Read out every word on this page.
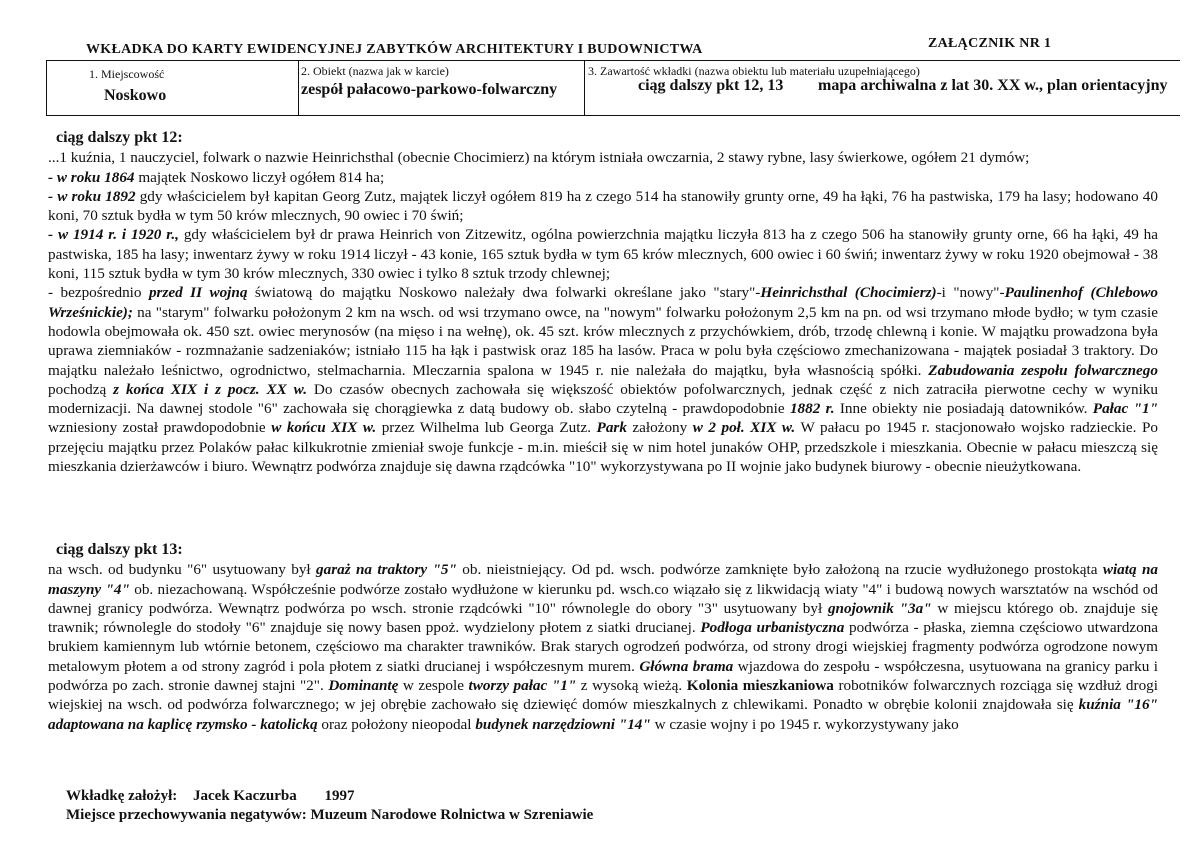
WKŁADKA DO KARTY EWIDENCYJNEJ ZABYTKÓW ARCHITEKTURY I BUDOWNICTWA	ZAŁĄCZNIK NR 1
1. Miejscowość
Noskowo
2. Obiekt (nazwa jak w karcie)
zespół pałacowo-parkowo-folwarczny
3. Zawartość wkładki (nazwa obiektu lub materiału uzupełniającego)
ciąg dalszy pkt 12, 13 mapa archiwalna z lat 30. XX w., plan orientacyjny
ciąg dalszy pkt 12:

...1 kuźnia, 1 nauczyciel, folwark o nazwie Heinrichsthal (obecnie Chocimierz) na którym istniała owczarnia, 2 stawy rybne, lasy świerkowe, ogółem 21 dymów;

- w roku 1864 majątek Noskowo liczył ogółem 814 ha;

- w roku 1892 gdy właścicielem był kapitan Georg Zutz, majątek liczył ogółem 819 ha z czego 514 ha stanowiły grunty orne, 49 ha łąki, 76 ha pastwiska, 179 ha lasy; hodowano 40 koni, 70 sztuk bydła w tym 50 krów mlecznych, 90 owiec i 70 świń;

- w 1914 r. i 1920 r., gdy właścicielem był dr prawa Heinrich von Zitzewitz, ogólna powierzchnia majątku liczyła 813 ha z czego 506 ha stanowiły grunty orne, 66 ha łąki, 49 ha pastwiska, 185 ha lasy; inwentarz żywy w roku 1914 liczył - 43 konie, 165 sztuk bydła w tym 65 krów mlecznych, 600 owiec i 60 świń; inwentarz żywy w roku 1920 obejmował - 38 koni, 115 sztuk bydła w tym 30 krów mlecznych, 330 owiec i tylko 8 sztuk trzody chlewnej;

- bezpośrednio przed II wojną światową do majątku Noskowo należały dwa folwarki określane jako "stary"-Heinrichsthal (Chocimierz)-i "nowy"-Paulinenhof (Chlebowo Wrześnickie); na "starym" folwarku położonym 2 km na wsch. od wsi trzymano owce, na "nowym" folwarku położonym 2,5 km na pn. od wsi trzymano młode bydło; w tym czasie hodowla obejmowała ok. 450 szt. owiec merynosów (na mięso i na wełnę), ok. 45 szt. krów mlecznych z przychówkiem, drób, trzodę chlewną i konie. W majątku prowadzona była uprawa ziemniaków - rozmnażanie sadzeniaków; istniało 115 ha łąk i pastwisk oraz 185 ha lasów. Praca w polu była częściowo zmechanizowana - majątek posiadał 3 traktory. Do majątku należało leśnictwo, ogrodnictwo, stelmacharnia. Mleczarnia spalona w 1945 r. nie należała do majątku, była własnością spółki. Zabudowania zespołu folwarcznego pochodzą z końca XIX i z pocz. XX w. Do czasów obecnych zachowała się większość obiektów pofolwarcznych, jednak część z nich zatraciła pierwotne cechy w wyniku modernizacji. Na dawnej stodole "6" zachowała się chorągiewka z datą budowy ob. słabo czytelną - prawdopodobnie 1882 r. Inne obiekty nie posiadają datowników. Pałac "1" wzniesiony został prawdopodobnie w końcu XIX w. przez Wilhelma lub Georga Zutz. Park założony w 2 poł. XIX w. W pałacu po 1945 r. stacjonowało wojsko radzieckie. Po przejęciu majątku przez Polaków pałac kilkukrotnie zmieniał swoje funkcje - m.in. mieścił się w nim hotel junaków OHP, przedszkole i mieszkania. Obecnie w pałacu mieszczą się mieszkania dzierżawców i biuro. Wewnątrz podwórza znajduje się dawna rządcówka "10" wykorzystywana po II wojnie jako budynek biurowy - obecnie nieużytkowana.

ciąg dalszy pkt 13:

na wsch. od budynku "6" usytuowany był garaż na traktory "5" ob. nieistniejący. Od pd. wsch. podwórze zamknięte było założoną na rzucie wydłużonego prostokąta wiatą na maszyny "4" ob. niezachowaną. Współcześnie podwórze zostało wydłużone w kierunku pd. wsch.co wiązało się z likwidacją wiaty "4" i budową nowych warsztatów na wschód od dawnej granicy podwórza. Wewnątrz podwórza po wsch. stronie rządcówki "10" równolegle do obory "3" usytuowany był gnojownik "3a" w miejscu którego ob. znajduje się trawnik; równolegle do stodoły "6" znajduje się nowy basen ppoż. wydzielony płotem z siatki drucianej. Podłoga urbanistyczna podwórza - płaska, ziemna częściowo utwardzona brukiem kamiennym lub wtórnie betonem, częściowo ma charakter trawników. Brak starych ogrodzeń podwórza, od strony drogi wiejskiej fragmenty podwórza ogrodzone nowym metalowym płotem a od strony zagród i pola płotem z siatki drucianej i współczesnym murem. Główna brama wjazdowa do zespołu - współczesna, usytuowana na granicy parku i podwórza po zach. stronie dawnej stajni "2". Dominantę w zespole tworzy pałac "1" z wysoką wieżą. Kolonia mieszkaniowa robotników folwarcznych rozciąga się wzdłuż drogi wiejskiej na wsch. od podwórza folwarcznego; w jej obrębie zachowało się dziewięć domów mieszkalnych z chlewikami. Ponadto w obrębie kolonii znajdowała się kuźnia "16" adaptowana na kaplicę rzymsko - katolicką oraz położony nieopodal budynek narzędziowni "14" w czasie wojny i po 1945 r. wykorzystywany jako

Wkładkę założył: Jacek Kaczurba 1997
Miejsce przechowywania negatywów: Muzeum Narodowe Rolnictwa w Szreniawie
